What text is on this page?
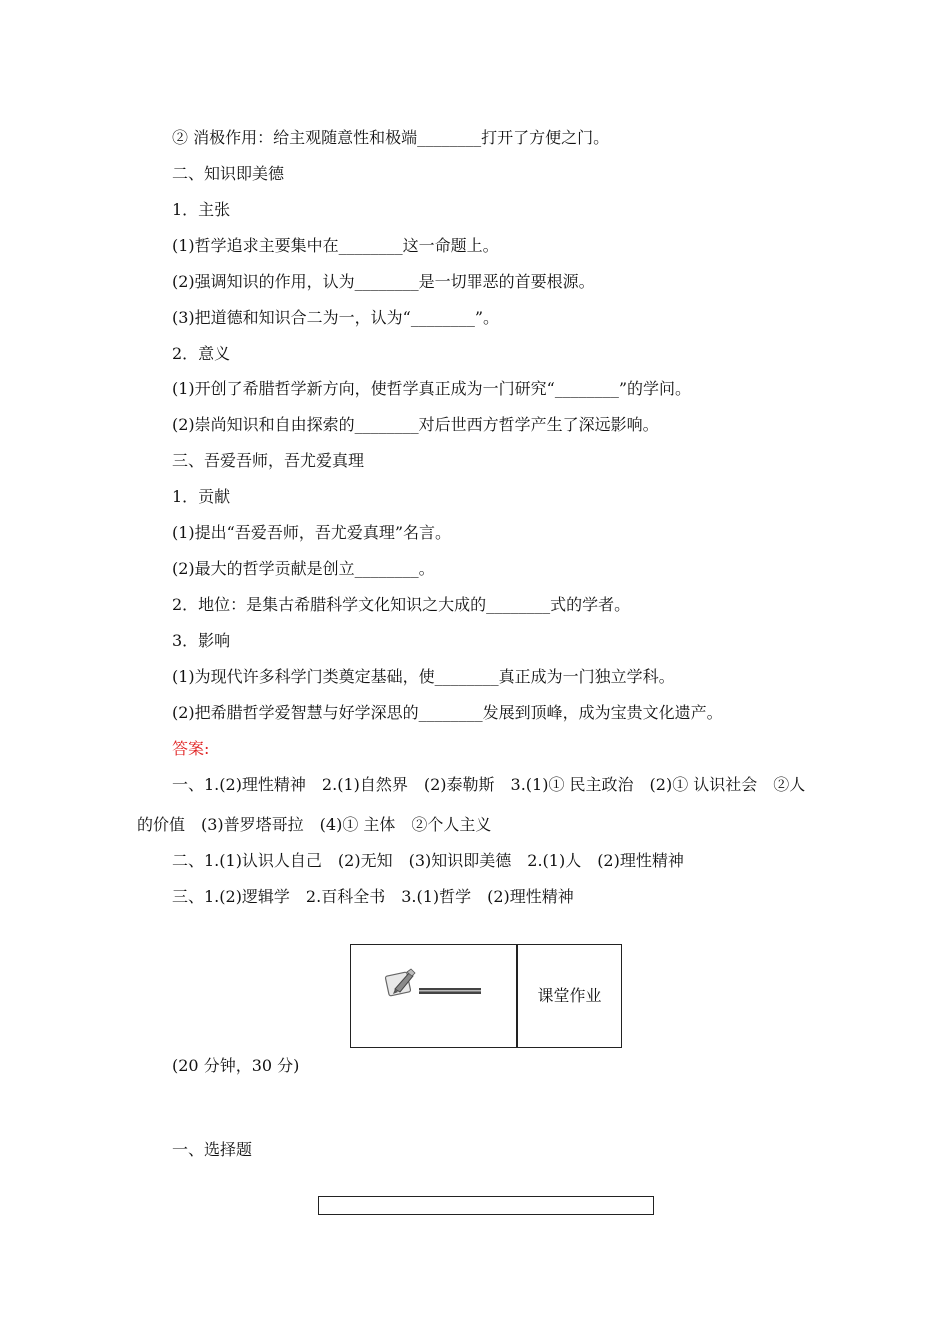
② 消极作用：给主观随意性和极端________打开了方便之门。
二、知识即美德
1．主张
(1)哲学追求主要集中在________这一命题上。
(2)强调知识的作用，认为________是一切罪恶的首要根源。
(3)把道德和知识合二为一，认为“________”。
2．意义
(1)开创了希腊哲学新方向，使哲学真正成为一门研究“________”的学问。
(2)崇尚知识和自由探索的________对后世西方哲学产生了深远影响。
三、吾爱吾师，吾尤爱真理
1．贡献
(1)提出“吾爱吾师，吾尤爱真理”名言。
(2)最大的哲学贡献是创立________。
2．地位：是集古希腊科学文化知识之大成的________式的学者。
3．影响
(1)为现代许多科学门类奠定基础，使________真正成为一门独立学科。
(2)把希腊哲学爱智慧与好学深思的________发展到顶峰，成为宝贵文化遗产。
答案:
一、1.(2)理性精神　2.(1)自然界　(2)泰勒斯　3.(1)① 民主政治　(2)① 认识社会　②人
的价值　(3)普罗塔哥拉　(4)① 主体　②个人主义
二、1.(1)认识人自己　(2)无知　(3)知识即美德　2.(1)人　(2)理性精神
三、1.(2)逻辑学　2.百科全书　3.(1)哲学　(2)理性精神
课堂作业
(20 分钟，30 分)
一、选择题
